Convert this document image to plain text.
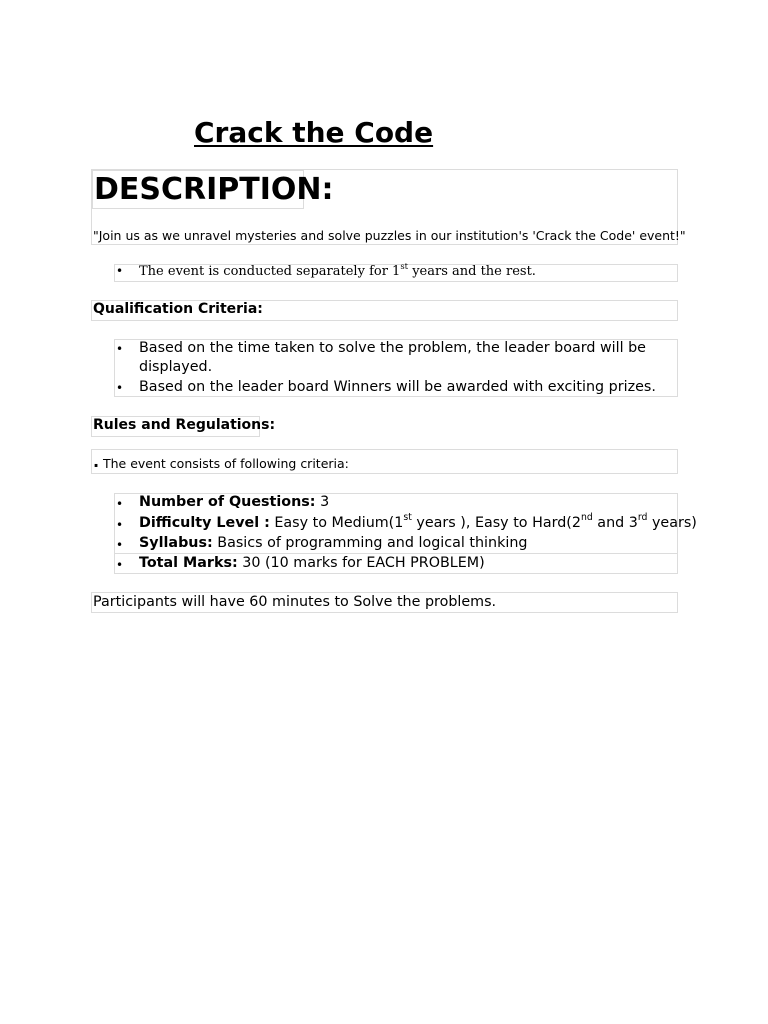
Crack the Code
DESCRIPTION:
"Join us as we unravel mysteries and solve puzzles in our institution's 'Crack the Code' event!"
• The event is conducted separately for 1st years and the rest.
Qualification Criteria:
• Based on the time taken to solve the problem, the leader board will be
displayed.
• Based on the leader board Winners will be awarded with exciting prizes.
Rules and Regulations:
. The event consists of following criteria:
• Number of Questions: 3
• Difficulty Level : Easy to Medium(1st years ), Easy to Hard(2nd and 3rd years)
• Syllabus: Basics of programming and logical thinking
• Total Marks: 30 (10 marks for EACH PROBLEM)
Participants will have 60 minutes to Solve the problems.
